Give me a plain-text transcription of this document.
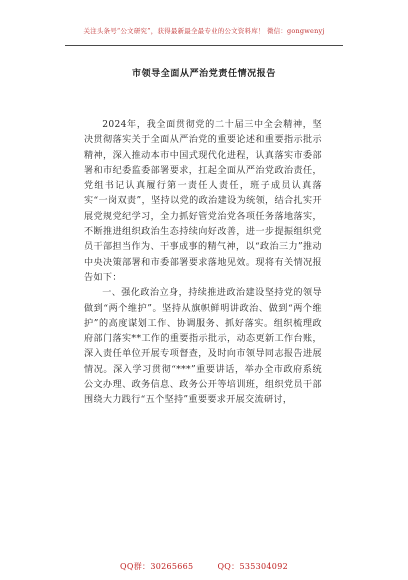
关注头条号“公文研究”，获得最新最全最专业的公文资料库！ 微信：gongwenyj
市领导全面从严治党责任情况报告

2024年，我全面贯彻党的二十届三中全会精神，坚决贯彻落实关于全面从严治党的重要论述和重要指示批示精神，深入推动本市中国式现代化进程，认真落实市委部署和市纪委监委部署要求，扛起全面从严治党政治责任，党组书记认真履行第一责任人责任，班子成员认真落实“一岗双责”，坚持以党的政治建设为统领，结合扎实开展党规党纪学习，全力抓好管党治党各项任务落地落实，不断推进组织政治生态持续向好改善，进一步提振组织党员干部担当作为、干事成事的精气神，以“政治三力”推动中央决策部署和市委部署要求落地见效。现将有关情况报告如下：

一、强化政治立身，持续推进政治建设坚持党的领导做到“两个维护”。坚持从旗帜鲜明讲政治、做到“两个维护”的高度谋划工作、协调服务、抓好落实。组织梳理政府部门落实**工作的重要指示批示，动态更新工作台账，深入责任单位开展专项督查，及时向市领导同志报告进展情况。深入学习贯彻“***”重要讲话，举办全市政府系统公文办理、政务信息、政务公开等培训班，组织党员干部围绕大力践行“五个坚持”重要要求开展交流研讨，

QQ群：30265665	QQ：535304092
